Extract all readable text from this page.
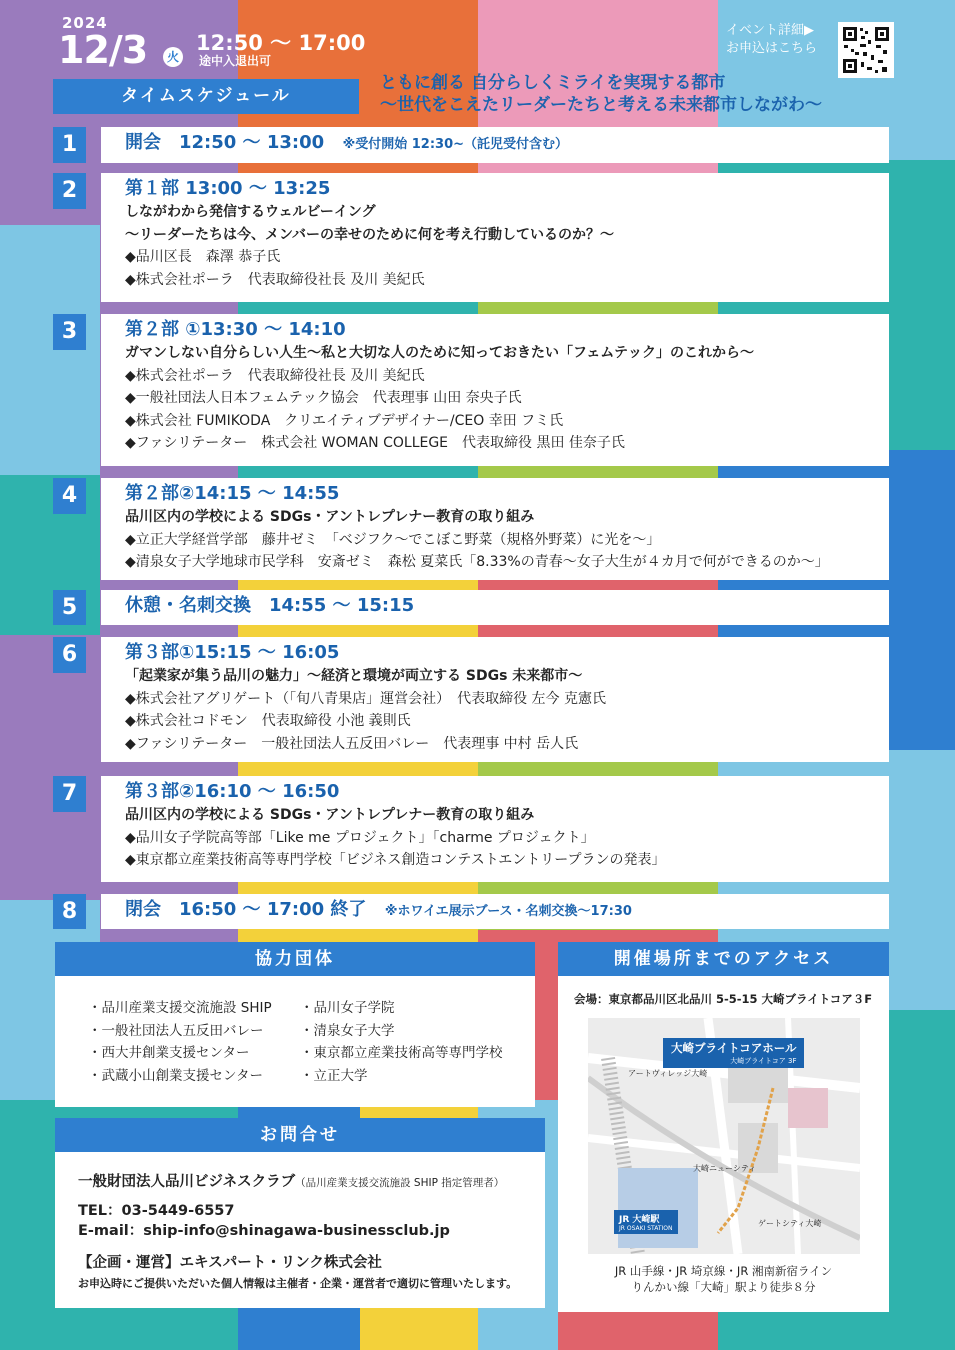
2024
12/3	火
12:50 ～ 17:00
途中入退出可
イベント詳細▶
お申込はこちら
タイムスケジュール
ともに創る 自分らしくミライを実現する都市
～世代をこえたリーダーたちと考える未来都市しながわ～
1	開会　12:50 ～ 13:00 ※受付開始 12:30~（託児受付含む）
2	第１部 13:00 ～ 13:25
しながわから発信するウェルビーイング
～リーダーたちは今、メンバーの幸せのために何を考え行動しているのか？～
◆品川区長　森澤 恭子氏
◆株式会社ポーラ　代表取締役社長 及川 美紀氏
3	第２部 ①13:30 ～ 14:10
ガマンしない自分らしい人生～私と大切な人のために知っておきたい「フェムテック」のこれから～
◆株式会社ポーラ　代表取締役社長 及川 美紀氏
◆一般社団法人日本フェムテック協会　代表理事 山田 奈央子氏
◆株式会社 FUMIKODA　クリエイティブデザイナー/CEO 幸田 フミ氏
◆ファシリテーター　株式会社 WOMAN COLLEGE　代表取締役 黒田 佳奈子氏
4	第２部②14:15 ～ 14:55
品川区内の学校による SDGs・アントレプレナー教育の取り組み
◆立正大学経営学部　藤井ゼミ　「ベジフク～でこぼこ野菜（規格外野菜）に光を～」
◆清泉女子大学地球市民学科　安斎ゼミ　森松 夏菜氏「8.33%の青春～女子大生が４カ月で何ができるのか～」
5	休憩・名刺交換　14:55 ～ 15:15
6	第３部①15:15 ～ 16:05
「起業家が集う品川の魅力」～経済と環境が両立する SDGs 未来都市～
◆株式会社アグリゲート（「旬八青果店」運営会社）　代表取締役 左今 克憲氏
◆株式会社コドモン　代表取締役 小池 義則氏
◆ファシリテーター　一般社団法人五反田バレー　代表理事 中村 岳人氏
7	第３部②16:10 ～ 16:50
品川区内の学校による SDGs・アントレプレナー教育の取り組み
◆品川女子学院高等部「Like me プロジェクト」「charme プロジェクト」
◆東京都立産業技術高等専門学校「ビジネス創造コンテストエントリープランの発表」
8	閉会　16:50 ～ 17:00 終了 ※ホワイエ展示ブース・名刺交換～17:30
協力団体
・品川産業支援交流施設 SHIP
・一般社団法人五反田バレー
・西大井創業支援センター
・武蔵小山創業支援センター
・品川女子学院
・清泉女子大学
・東京都立産業技術高等専門学校
・立正大学
お問合せ
一般財団法人品川ビジネスクラブ（品川産業支援交流施設 SHIP 指定管理者）
TEL：03-5449-6557
E-mail：ship-info@shinagawa-businessclub.jp
【企画・運営】エキスパート・リンク株式会社
お申込時にご提供いただいた個人情報は主催者・企業・運営者で適切に管理いたします。
開催場所までのアクセス
会場：東京都品川区北品川 5-5-15 大崎ブライトコア３F
大崎ブライトコアホール
大崎ブライトコア 3F
JR 大崎駅
JR OSAKI STATION
大崎ニューシティ
ゲートシティ大崎
アートヴィレッジ大崎
JR 山手線・JR 埼京線・JR 湘南新宿ライン
りんかい線「大崎」駅より徒歩８分
